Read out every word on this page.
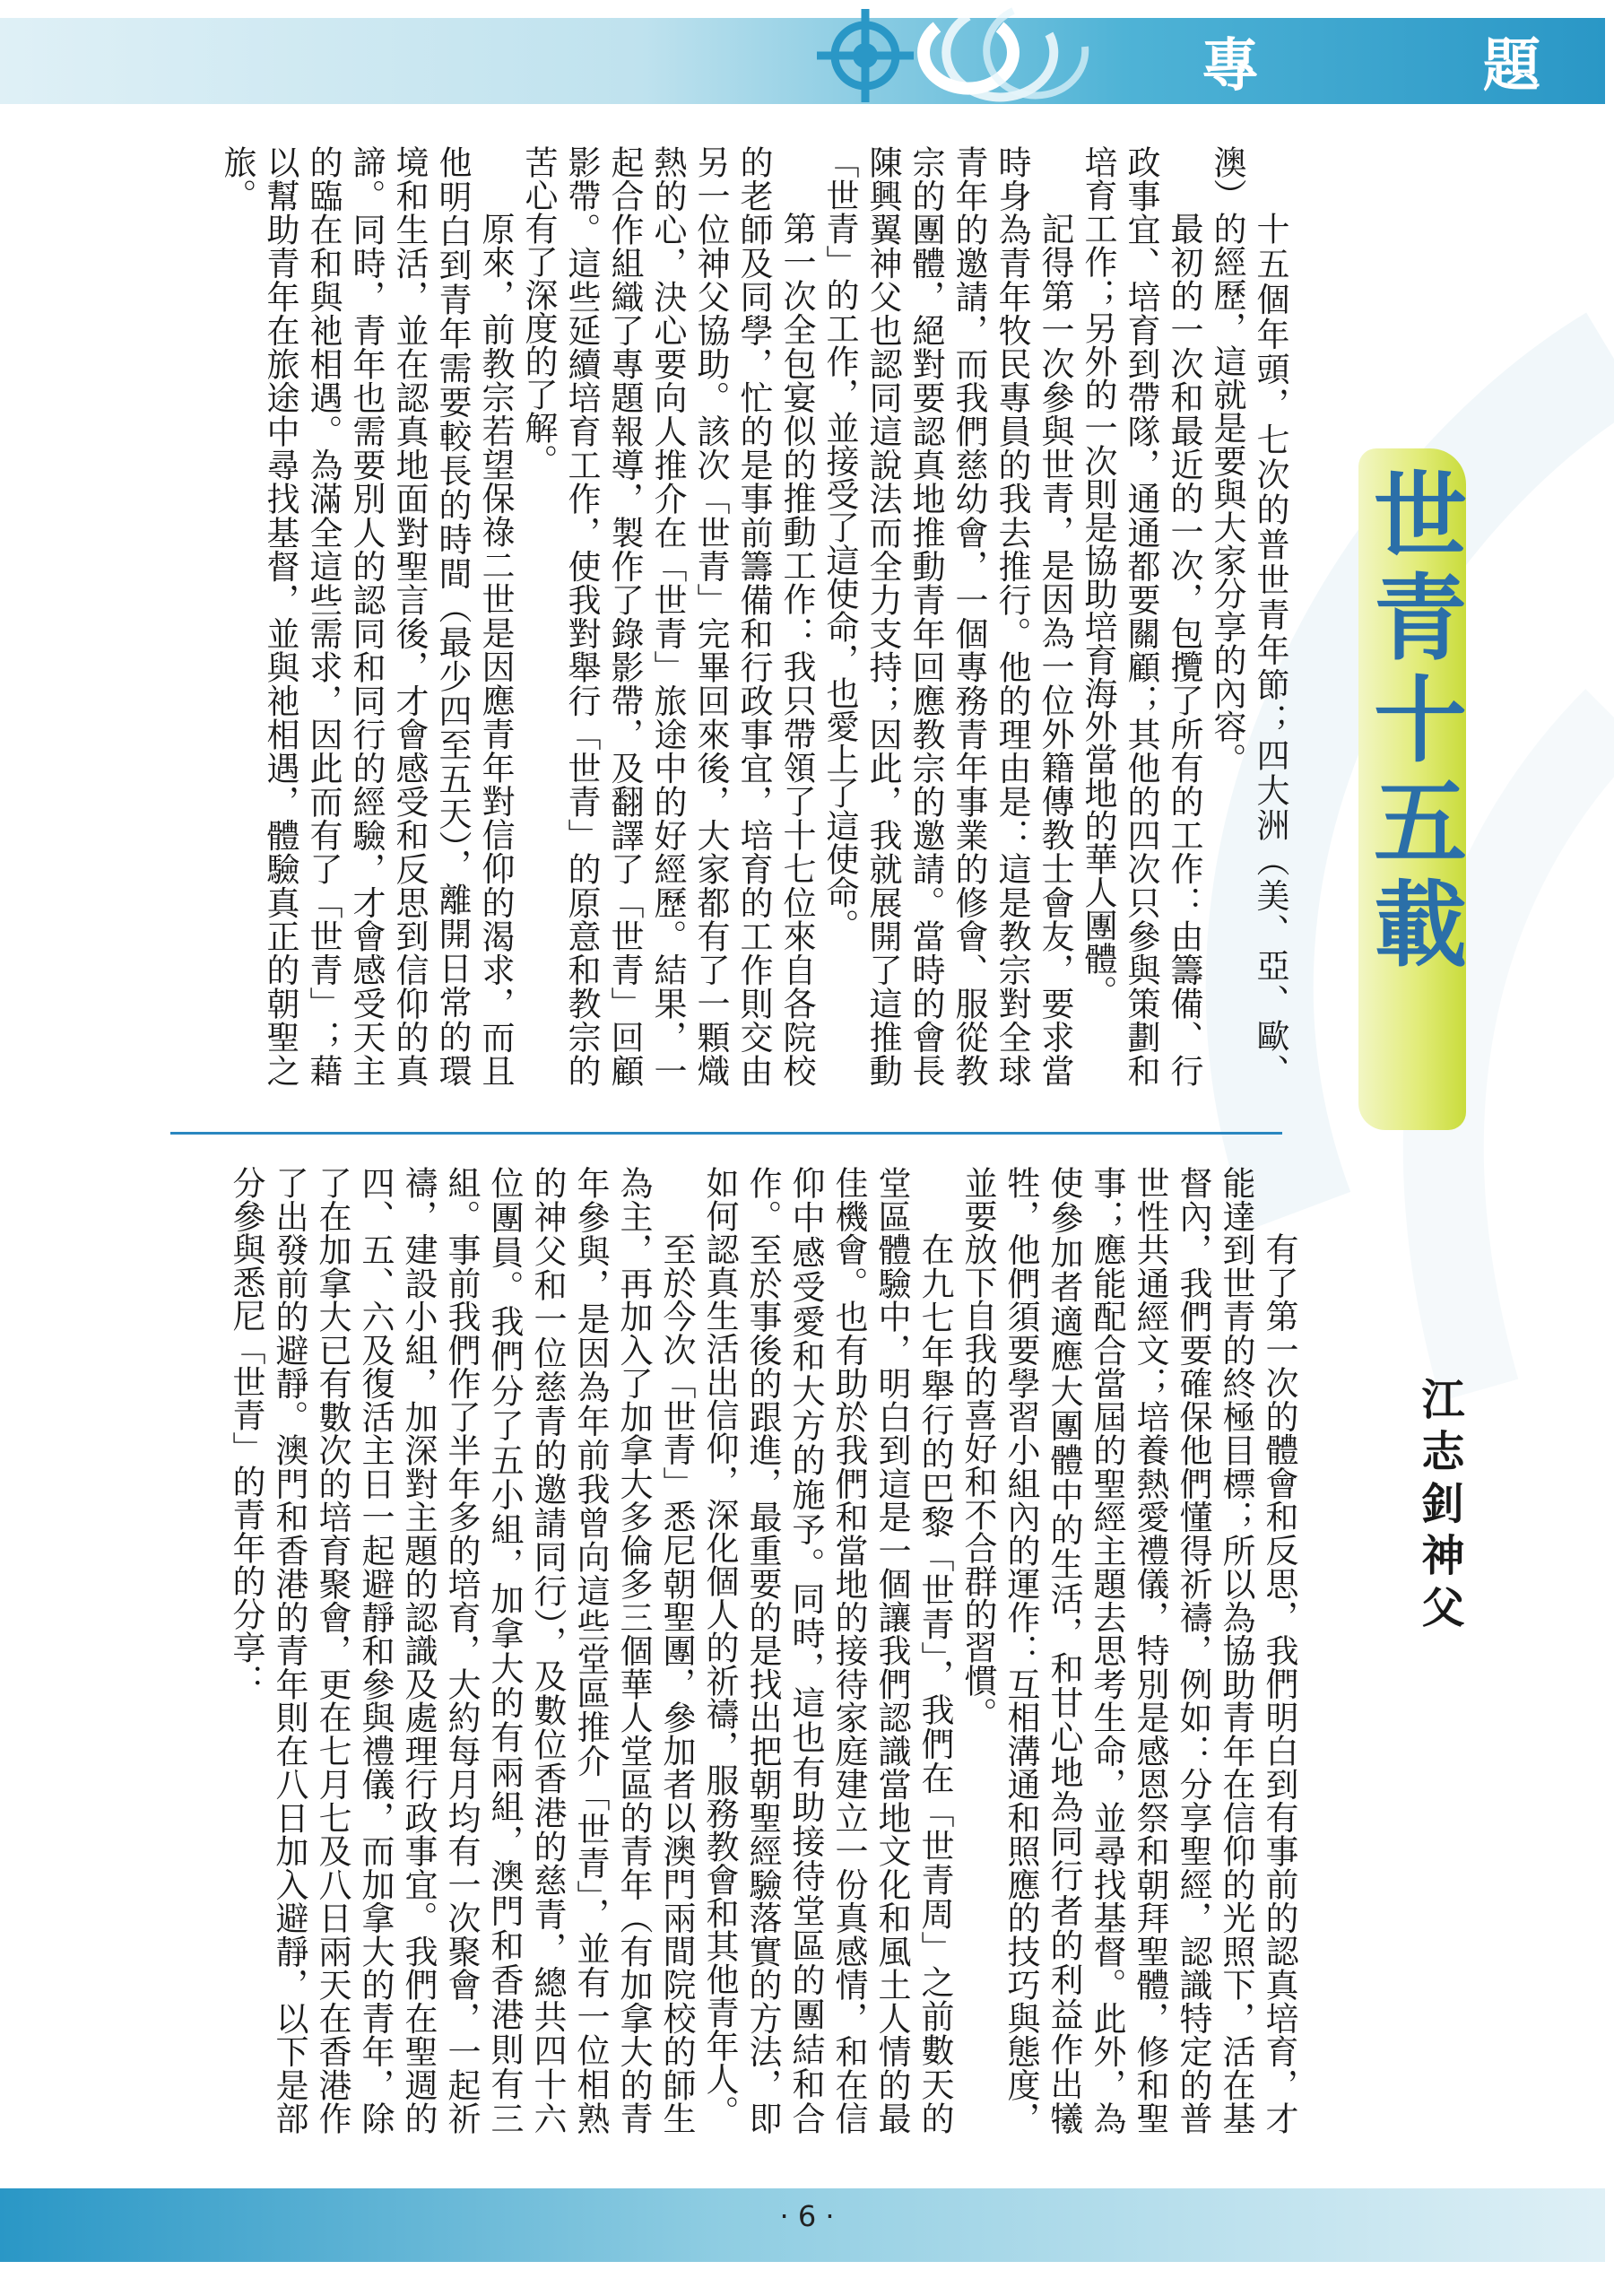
專	題

十五個年頭，七次的普世青年節；四大洲（美、亞、歐、澳）的經歷，這就是要與大家分享的內容。

最初的一次和最近的一次，包攬了所有的工作：由籌備、行政事宜、培育到帶隊，通通都要關顧；其他的四次只參與策劃和培育工作；另外的一次則是協助培育海外當地的華人團體。

記得第一次參與世青，是因為一位外籍傳教士會友，要求當時身為青年牧民專員的我去推行。他的理由是：這是教宗對全球青年的邀請，而我們慈幼會，一個專務青年事業的修會、服從教宗的團體，絕對要認真地推動青年回應教宗的邀請。當時的會長陳興翼神父也認同這說法而全力支持；因此，我就展開了這推動「世青」的工作，並接受了這使命，也愛上了這使命。

第一次全包宴似的推動工作：我只帶領了十七位來自各院校的老師及同學，忙的是事前籌備和行政事宜，培育的工作則交由另一位神父協助。該次「世青」完畢回來後，大家都有了一顆熾熱的心，決心要向人推介在「世青」旅途中的好經歷。結果，一起合作組織了專題報導，製作了錄影帶，及翻譯了「世青」回顧影帶。這些延續培育工作，使我對舉行「世青」的原意和教宗的苦心有了深度的了解。

原來，前教宗若望保祿二世是因應青年對信仰的渴求，而且他明白到青年需要較長的時間（最少四至五天），離開日常的環境和生活，並在認真地面對聖言後，才會感受和反思到信仰的真諦。同時，青年也需要別人的認同和同行的經驗，才會感受天主的臨在和與祂相遇。為滿全這些需求，因此而有了「世青」；藉以幫助青年在旅途中尋找基督，並與祂相遇，體驗真正的朝聖之旅。

世青十五載

有了第一次的體會和反思，我們明白到有事前的認真培育，才能達到世青的終極目標；所以為協助青年在信仰的光照下，活在基督內，我們要確保他們懂得祈禱，例如：分享聖經，認識特定的普世性共通經文；培養熱愛禮儀，特別是感恩祭和朝拜聖體，修和聖事；應能配合當屆的聖經主題去思考生命，並尋找基督。此外，為使參加者適應大團體中的生活，和甘心地為同行者的利益作出犧牲，他們須要學習小組內的運作：互相溝通和照應的技巧與態度，並要放下自我的喜好和不合群的習慣。

在九七年舉行的巴黎「世青」，我們在「世青周」之前數天的堂區體驗中，明白到這是一個讓我們認識當地文化和風土人情的最佳機會。也有助於我們和當地的接待家庭建立一份真感情，和在信仰中感受愛和大方的施予。同時，這也有助接待堂區的團結和合作。至於事後的跟進，最重要的是找出把朝聖經驗落實的方法，即如何認真生活出信仰，深化個人的祈禱，服務教會和其他青年人。

至於今次「世青」悉尼朝聖團，參加者以澳門兩間院校的師生為主，再加入了加拿大多倫多三個華人堂區的青年（有加拿大的青年參與，是因為年前我曾向這些堂區推介「世青」，並有一位相熟的神父和一位慈青的邀請同行），及數位香港的慈青，總共四十六位團員。我們分了五小組，加拿大的有兩組，澳門和香港則有三組。事前我們作了半年多的培育，大約每月均有一次聚會，一起祈禱，建設小組，加深對主題的認識及處理行政事宜。我們在聖週的四、五、六及復活主日一起避靜和參與禮儀，而加拿大的青年，除了在加拿大已有數次的培育聚會，更在七月七及八日兩天在香港作了出發前的避靜。澳門和香港的青年則在八日加入避靜，以下是部分參與悉尼「世青」的青年的分享：	江志釗神父
· 6 ·
